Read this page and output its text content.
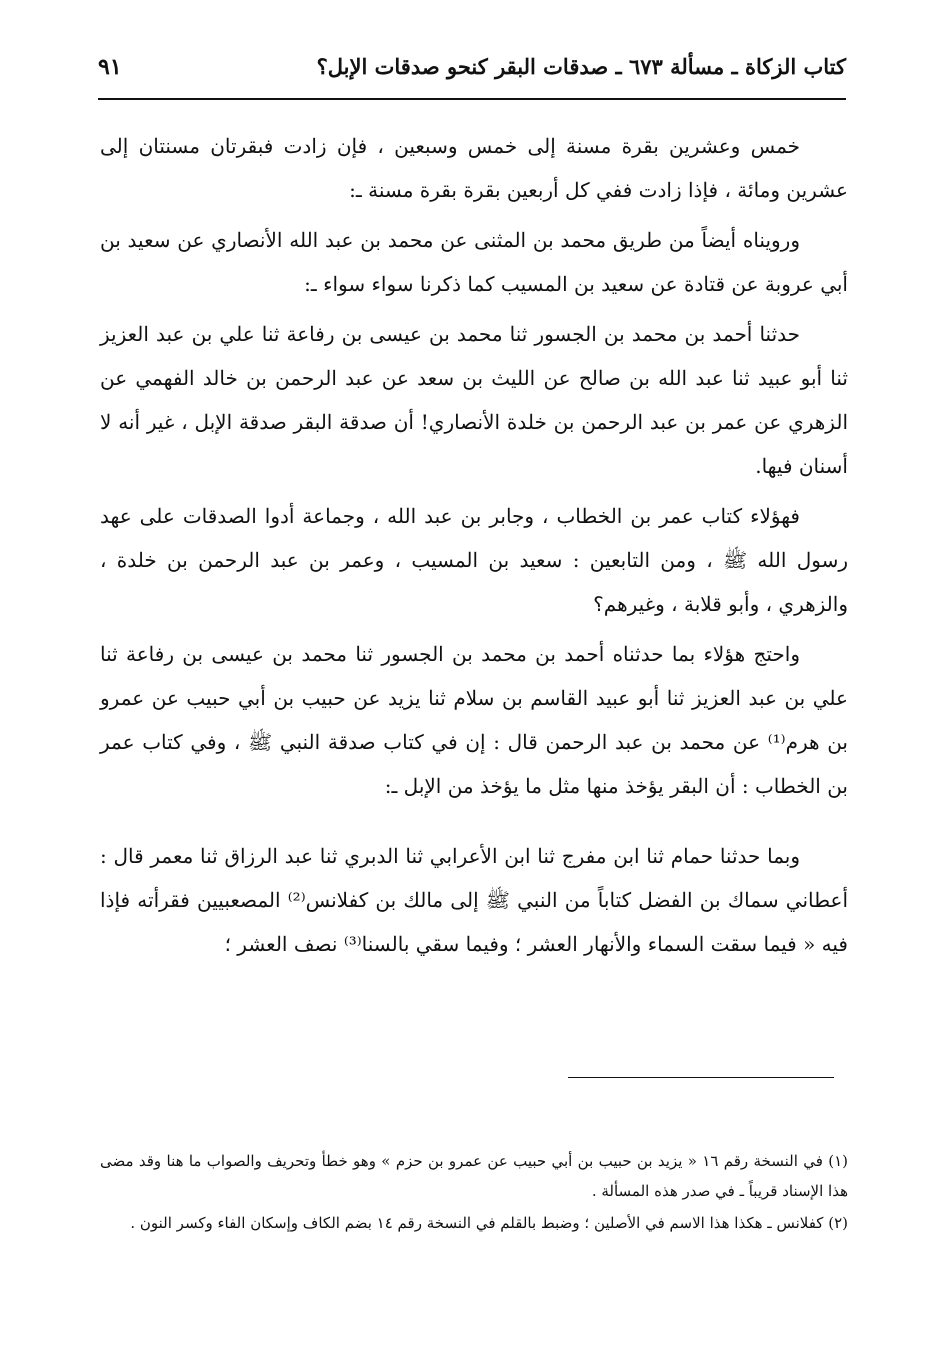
كتاب الزكاة ـ مسألة ٦٧٣ ـ صدقات البقر كنحو صدقات الإبل؟
٩١

خمس وعشرين بقرة مسنة إلى خمس وسبعين ، فإن زادت فبقرتان مسنتان إلى عشرين ومائة ، فإذا زادت ففي كل أربعين بقرة بقرة مسنة ـ:

ورويناه أيضاً من طريق محمد بن المثنى عن محمد بن عبد الله الأنصاري عن سعيد بن أبي عروبة عن قتادة عن سعيد بن المسيب كما ذكرنا سواء سواء ـ:

حدثنا أحمد بن محمد بن الجسور ثنا محمد بن عيسى بن رفاعة ثنا علي بن عبد العزيز ثنا أبو عبيد ثنا عبد الله بن صالح عن الليث بن سعد عن عبد الرحمن بن خالد الفهمي عن الزهري عن عمر بن عبد الرحمن بن خلدة الأنصاري! أن صدقة البقر صدقة الإبل ، غير أنه لا أسنان فيها.

فهؤلاء كتاب عمر بن الخطاب ، وجابر بن عبد الله ، وجماعة أدوا الصدقات على عهد رسول الله ﷺ ، ومن التابعين : سعيد بن المسيب ، وعمر بن عبد الرحمن بن خلدة ، والزهري ، وأبو قلابة ، وغيرهم؟

واحتج هؤلاء بما حدثناه أحمد بن محمد بن الجسور ثنا محمد بن عيسى بن رفاعة ثنا علي بن عبد العزيز ثنا أبو عبيد القاسم بن سلام ثنا يزيد عن حبيب بن أبي حبيب عن عمرو بن هرم⁽¹⁾ عن محمد بن عبد الرحمن قال : إن في كتاب صدقة النبي ﷺ ، وفي كتاب عمر بن الخطاب : أن البقر يؤخذ منها مثل ما يؤخذ من الإبل ـ:

وبما حدثنا حمام ثنا ابن مفرج ثنا ابن الأعرابي ثنا الدبري ثنا عبد الرزاق ثنا معمر قال : أعطاني سماك بن الفضل كتاباً من النبي ﷺ إلى مالك بن كفلانس⁽²⁾ المصعبيين فقرأته فإذا فيه « فيما سقت السماء والأنهار العشر ؛ وفيما سقي بالسنا⁽³⁾ نصف العشر ؛

(١) في النسخة رقم ١٦ « يزيد بن حبيب بن أبي حبيب عن عمرو بن حزم » وهو خطأ وتحريف والصواب ما هنا وقد مضى هذا الإسناد قريباً ـ في صدر هذه المسألة .

(٢) كفلانس ـ هكذا هذا الاسم في الأصلين ؛ وضبط بالقلم في النسخة رقم ١٤ بضم الكاف وإسكان الفاء وكسر النون .
